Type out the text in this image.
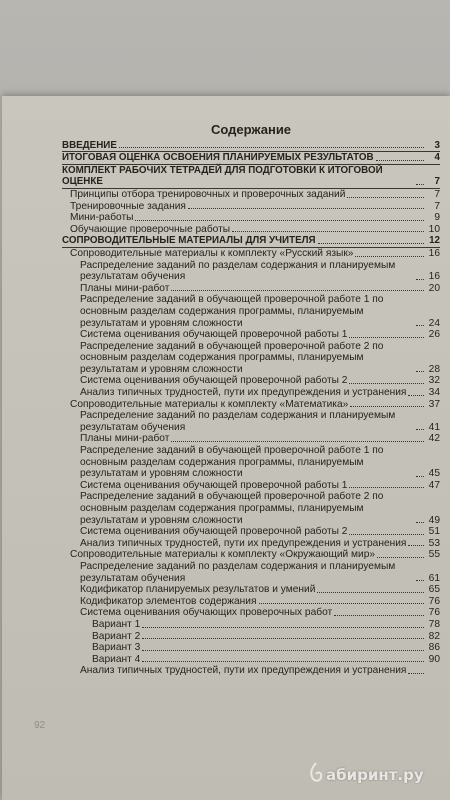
Содержание
ВВЕДЕНИЕ	3
ИТОГОВАЯ ОЦЕНКА ОСВОЕНИЯ ПЛАНИРУЕМЫХ РЕЗУЛЬТАТОВ	4
КОМПЛЕКТ РАБОЧИХ ТЕТРАДЕЙ ДЛЯ ПОДГОТОВКИ К ИТОГОВОЙ ОЦЕНКЕ	7
Принципы отбора тренировочных и проверочных заданий	7
Тренировочные задания	7
Мини-работы	9
Обучающие проверочные работы	10
СОПРОВОДИТЕЛЬНЫЕ МАТЕРИАЛЫ ДЛЯ УЧИТЕЛЯ	12
Сопроводительные материалы к комплекту «Русский язык»	16
Распределение заданий по разделам содержания и планируемым результатам обучения	16
Планы мини-работ	20
Распределение заданий в обучающей проверочной работе 1 по основным разделам содержания программы, планируемым результатам и уровням сложности	24
Система оценивания обучающей проверочной работы 1	26
Распределение заданий в обучающей проверочной работе 2 по основным разделам содержания программы, планируемым результатам и уровням сложности	28
Система оценивания обучающей проверочной работы 2	32
Анализ типичных трудностей, пути их предупреждения и устранения 34
Сопроводительные материалы к комплекту «Математика»	37
Распределение заданий по разделам содержания и планируемым результатам обучения	41
Планы мини-работ	42
Распределение заданий в обучающей проверочной работе 1 по основным разделам содержания программы, планируемым результатам и уровням сложности	45
Система оценивания обучающей проверочной работы 1	47
Распределение заданий в обучающей проверочной работе 2 по основным разделам содержания программы, планируемым результатам и уровням сложности	49
Система оценивания обучающей проверочной работы 2	51
Анализ типичных трудностей, пути их предупреждения и устранения 53
Сопроводительные материалы к комплекту «Окружающий мир»	55
Распределение заданий по разделам содержания и планируемым результатам обучения	61
Кодификатор планируемых результатов и умений	65
Кодификатор элементов содержания	76
Система оценивания обучающих проверочных работ	76
Вариант 1	78
Вариант 2	82
Вариант 3	86
Вариант 4	90
Анализ типичных трудностей, пути их предупреждения и устранения
92
абиринт.ру
